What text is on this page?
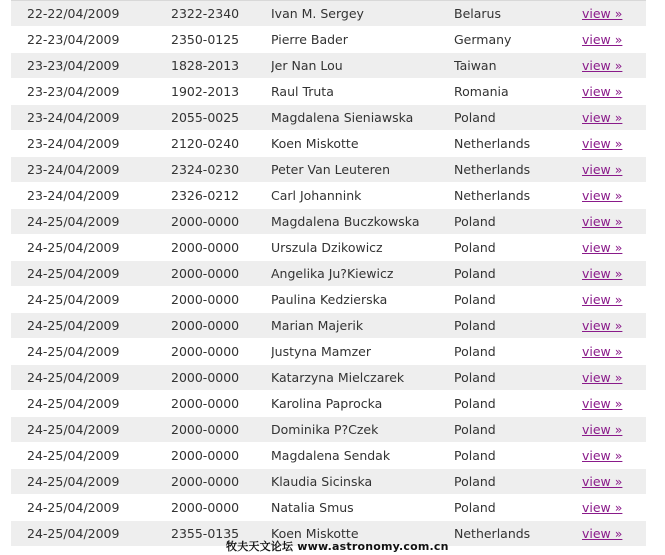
22-22/04/2009	2322-2340	Ivan M. Sergey	Belarus	view »
22-23/04/2009	2350-0125	Pierre Bader	Germany	view »
23-23/04/2009	1828-2013	Jer Nan Lou	Taiwan	view »
23-23/04/2009	1902-2013	Raul Truta	Romania	view »
23-24/04/2009	2055-0025	Magdalena Sieniawska	Poland	view »
23-24/04/2009	2120-0240	Koen Miskotte	Netherlands	view »
23-24/04/2009	2324-0230	Peter Van Leuteren	Netherlands	view »
23-24/04/2009	2326-0212	Carl Johannink	Netherlands	view »
24-25/04/2009	2000-0000	Magdalena Buczkowska	Poland	view »
24-25/04/2009	2000-0000	Urszula Dzikowicz	Poland	view »
24-25/04/2009	2000-0000	Angelika Ju?Kiewicz	Poland	view »
24-25/04/2009	2000-0000	Paulina Kedzierska	Poland	view »
24-25/04/2009	2000-0000	Marian Majerik	Poland	view »
24-25/04/2009	2000-0000	Justyna Mamzer	Poland	view »
24-25/04/2009	2000-0000	Katarzyna Mielczarek	Poland	view »
24-25/04/2009	2000-0000	Karolina Paprocka	Poland	view »
24-25/04/2009	2000-0000	Dominika P?Czek	Poland	view »
24-25/04/2009	2000-0000	Magdalena Sendak	Poland	view »
24-25/04/2009	2000-0000	Klaudia Sicinska	Poland	view »
24-25/04/2009	2000-0000	Natalia Smus	Poland	view »
24-25/04/2009	2355-0135	Koen Miskotte	Netherlands	view »
牧夫天文论坛 www.astronomy.com.cn
